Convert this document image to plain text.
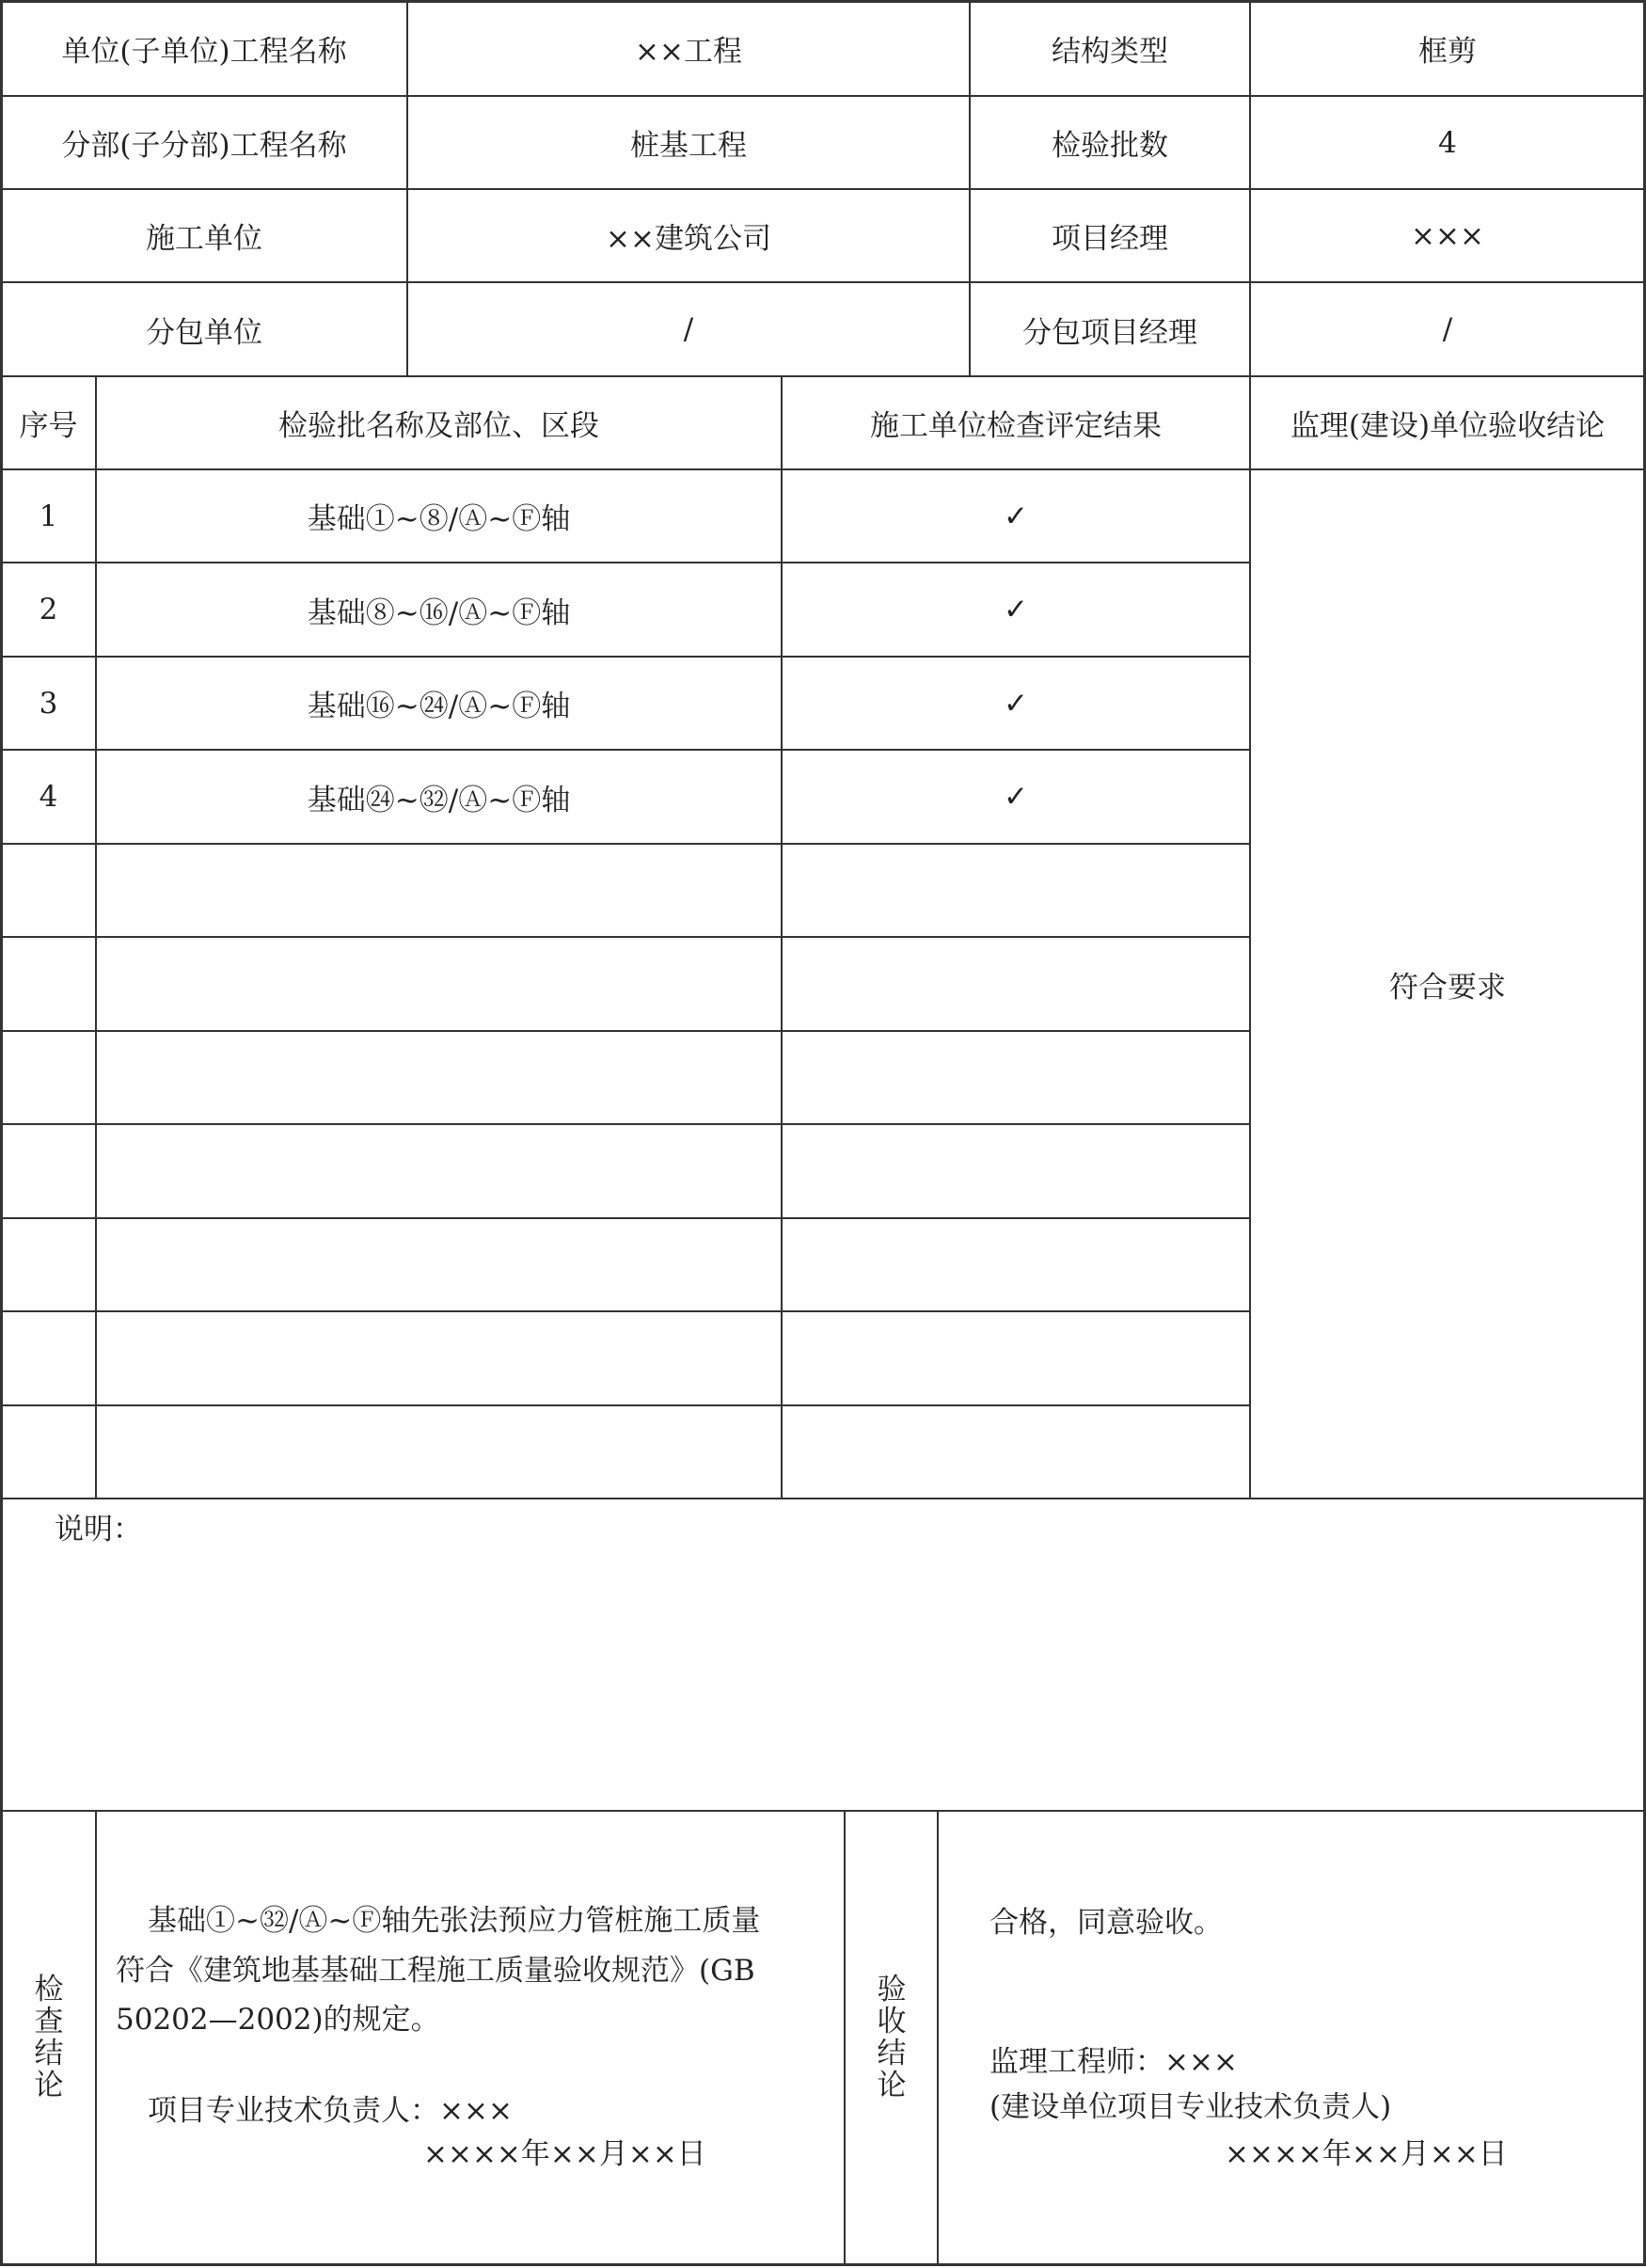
单位(子单位)工程名称	××工程	结构类型	框剪
分部(子分部)工程名称	桩基工程	检验批数	4
施工单位	××建筑公司	项目经理	×××
分包单位	/	分包项目经理	/
序号	检验批名称及部位、区段	施工单位检查评定结果	监理(建设)单位验收结论
1	基础①~⑧/Ⓐ~Ⓕ轴	✓
2	基础⑧~⑯/Ⓐ~Ⓕ轴	✓
3	基础⑯~㉔/Ⓐ~Ⓕ轴	✓
4	基础㉔~㉜/Ⓐ~Ⓕ轴	✓
符合要求
说明：
检查结论
基础①~㉜/Ⓐ~Ⓕ轴先张法预应力管桩施工质量
符合《建筑地基基础工程施工质量验收规范》(GB
50202—2002)的规定。
项目专业技术负责人：×××
××××年××月××日
验收结论
合格，同意验收。
监理工程师：×××
(建设单位项目专业技术负责人)
××××年××月××日
